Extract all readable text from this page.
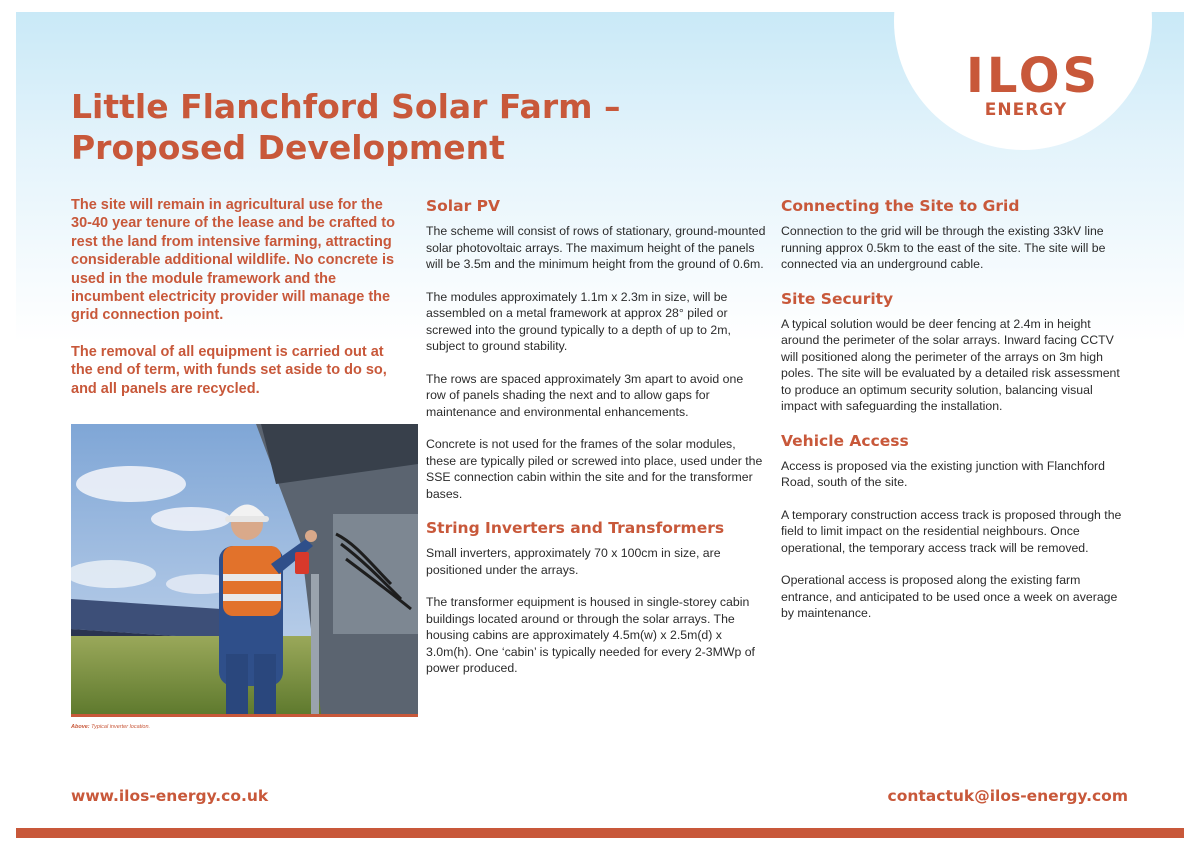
ILOS
ENERGY
Little Flanchford Solar Farm – Proposed Development

The site will remain in agricultural use for the 30-40 year tenure of the lease and be crafted to rest the land from intensive farming, attracting considerable additional wildlife. No concrete is used in the module framework and the incumbent electricity provider will manage the grid connection point.

The removal of all equipment is carried out at the end of term, with funds set aside to do so, and all panels are recycled.

Above: Typical inverter location.
Solar PV

The scheme will consist of rows of stationary, ground-mounted solar photovoltaic arrays. The maximum height of the panels will be 3.5m and the minimum height from the ground of 0.6m.

The modules approximately 1.1m x 2.3m in size, will be assembled on a metal framework at approx 28° piled or screwed into the ground typically to a depth of up to 2m, subject to ground stability.

The rows are spaced approximately 3m apart to avoid one row of panels shading the next and to allow gaps for maintenance and environmental enhancements.

Concrete is not used for the frames of the solar modules, these are typically piled or screwed into place, used under the SSE connection cabin within the site and for the transformer bases.

String Inverters and Transformers

Small inverters, approximately 70 x 100cm in size, are positioned under the arrays.

The transformer equipment is housed in single-storey cabin buildings located around or through the solar arrays. The housing cabins are approximately 4.5m(w) x 2.5m(d) x 3.0m(h). One ‘cabin’ is typically needed for every 2-3MWp of power produced.

Connecting the Site to Grid

Connection to the grid will be through the existing 33kV line running approx 0.5km to the east of the site. The site will be connected via an underground cable.

Site Security

A typical solution would be deer fencing at 2.4m in height around the perimeter of the solar arrays. Inward facing CCTV will positioned along the perimeter of the arrays on 3m high poles. The site will be evaluated by a detailed risk assessment to produce an optimum security solution, balancing visual impact with safeguarding the installation.

Vehicle Access

Access is proposed via the existing junction with Flanchford Road, south of the site.

A temporary construction access track is proposed through the field to limit impact on the residential neighbours. Once operational, the temporary access track will be removed.

Operational access is proposed along the existing farm entrance, and anticipated to be used once a week on average by maintenance.

www.ilos-energy.co.uk	contactuk@ilos-energy.com
